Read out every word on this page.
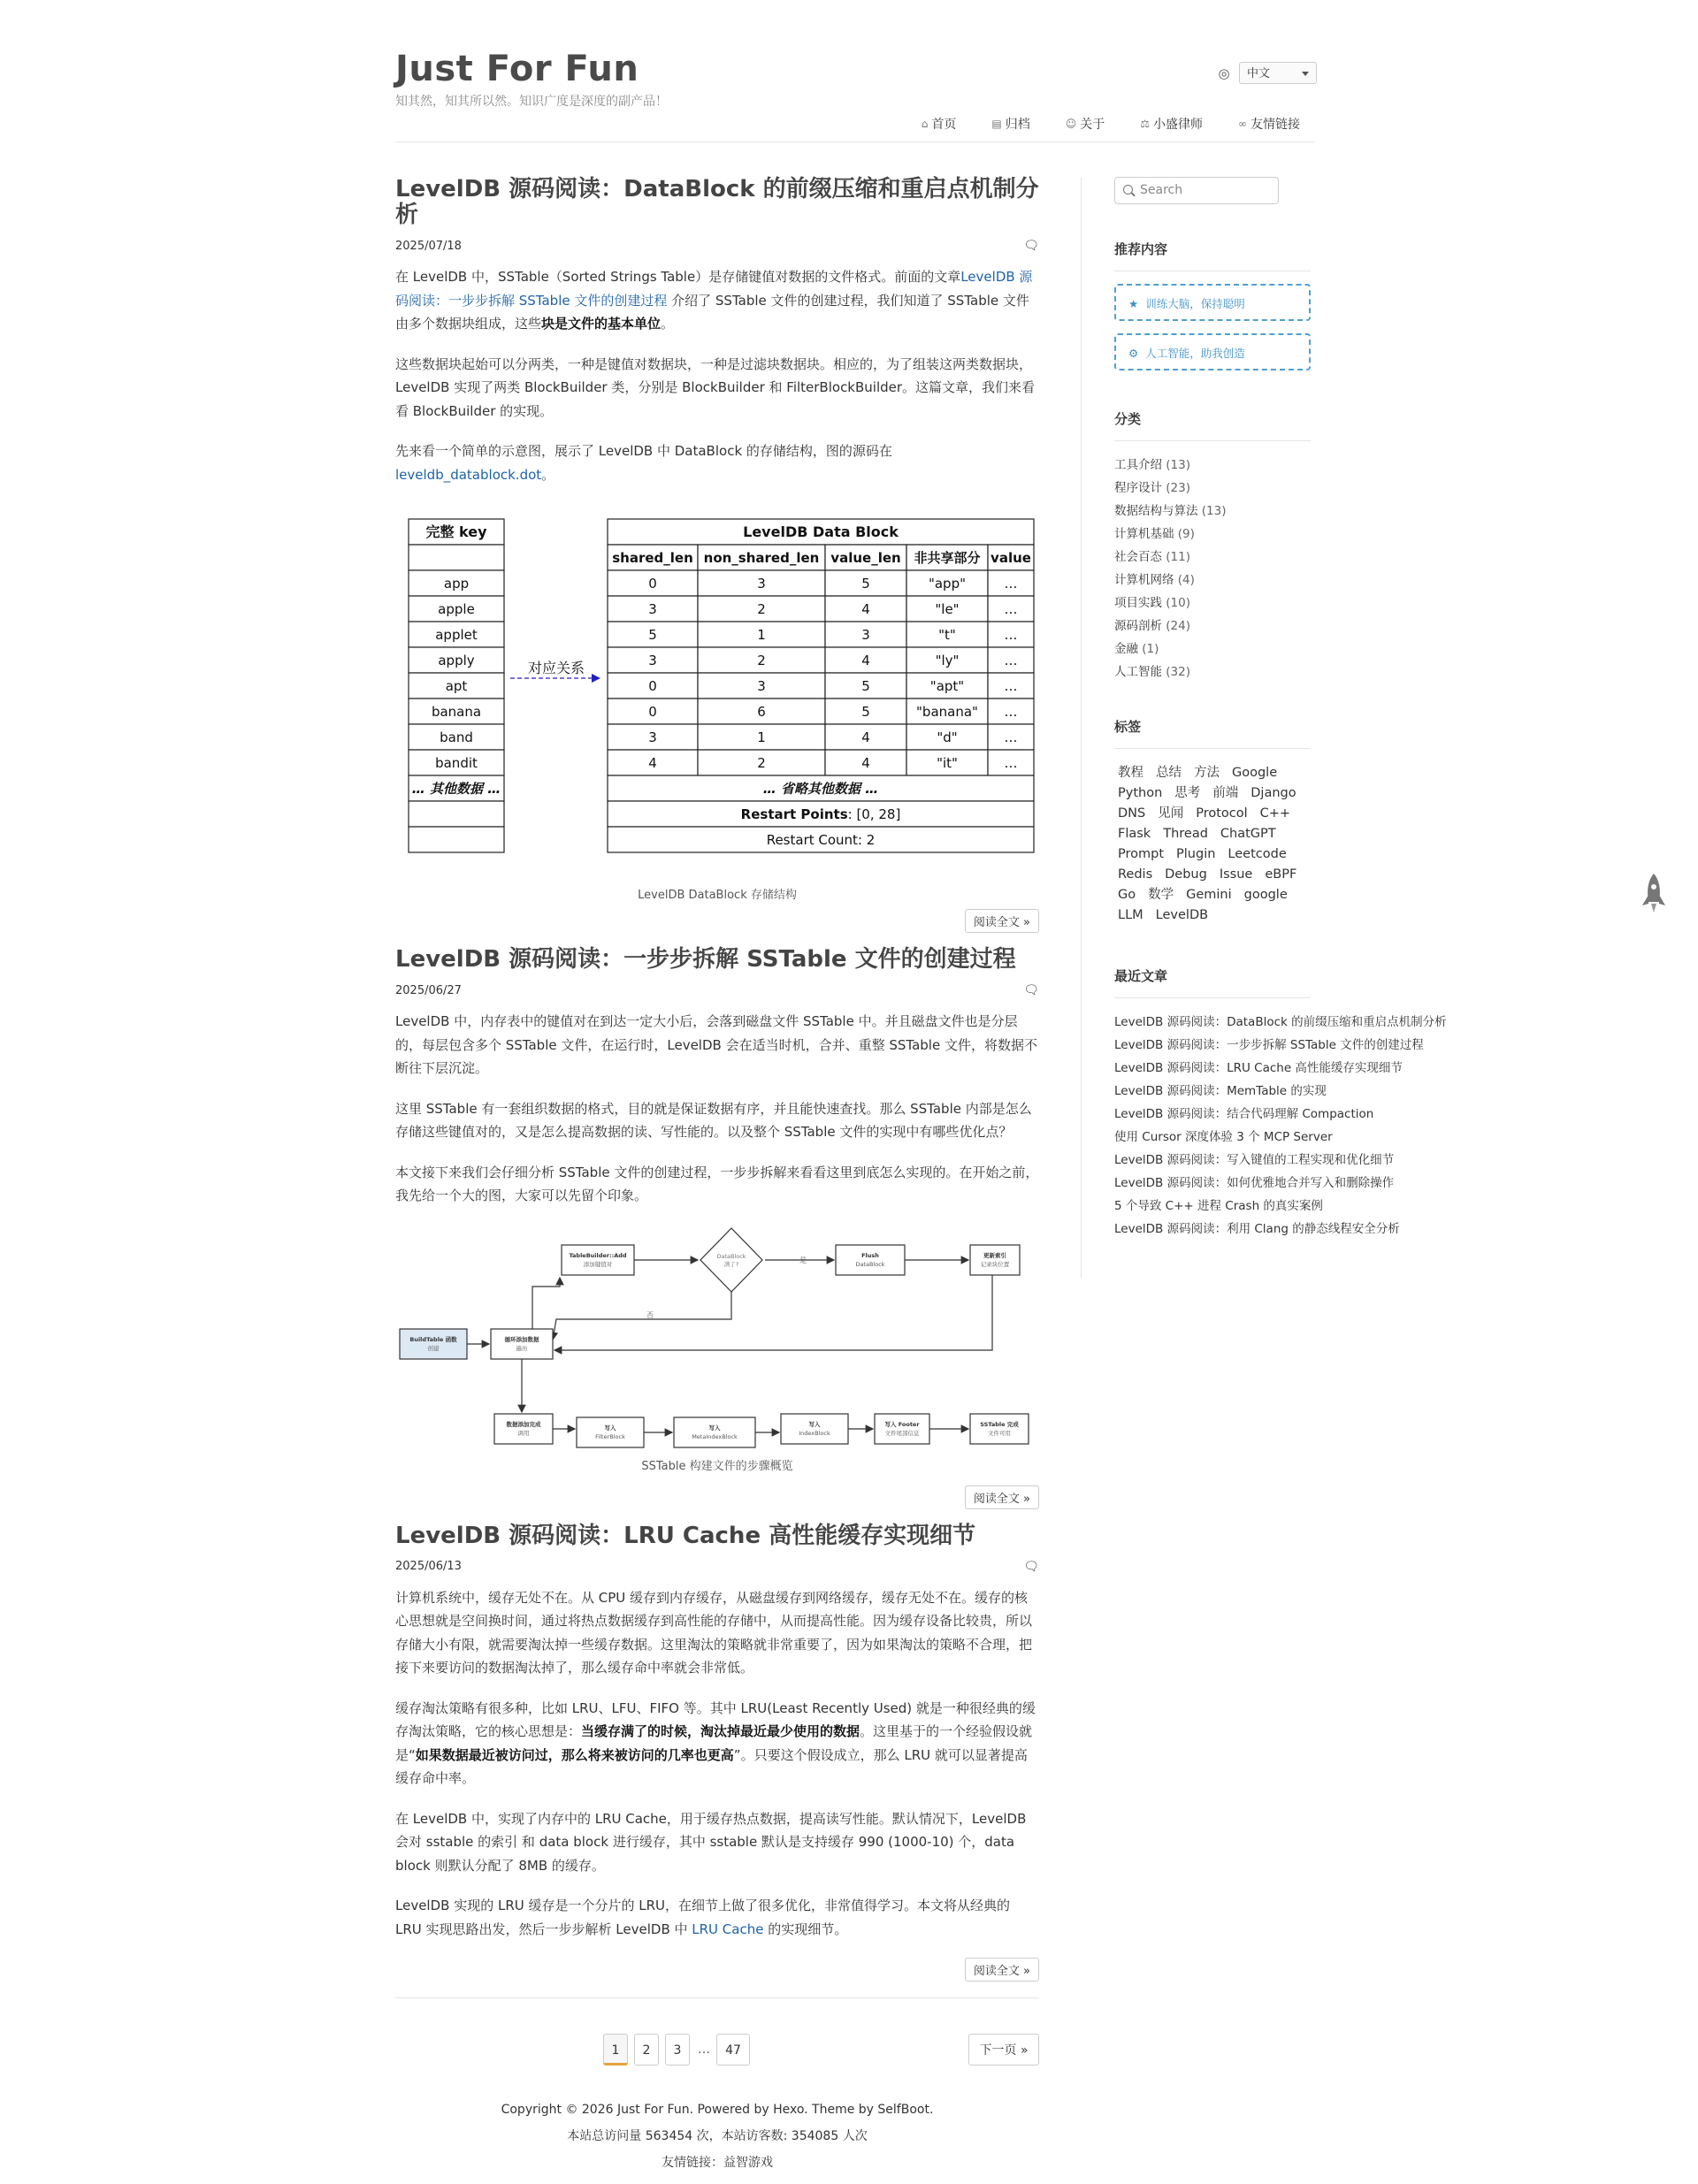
Just For Fun
知其然，知其所以然。知识广度是深度的副产品！
◎	中文
⌂ 首页	▤ 归档	☺ 关于	⚖ 小盛律师	∞ 友情链接
LevelDB 源码阅读：DataBlock 的前缀压缩和重启点机制分析
2025/07/18	🗨

在 LevelDB 中，SSTable（Sorted Strings Table）是存储键值对数据的文件格式。前面的文章LevelDB 源码阅读：一步步拆解 SSTable 文件的创建过程 介绍了 SSTable 文件的创建过程，我们知道了 SSTable 文件由多个数据块组成，这些块是文件的基本单位。

这些数据块起始可以分两类，一种是键值对数据块，一种是过滤块数据块。相应的，为了组装这两类数据块，LevelDB 实现了两类 BlockBuilder 类，分别是 BlockBuilder 和 FilterBlockBuilder。这篇文章，我们来看看 BlockBuilder 的实现。

先来看一个简单的示意图，展示了 LevelDB 中 DataBlock 的存储结构，图的源码在 leveldb_datablock.dot。

完整 key
app
apple
applet
apply
apt
banana
band
bandit
… 其他数据 …
对应关系
LevelDB Data Block
shared_len non_shared_len value_len 非共享部分 value
0	3	5	"app"	…
3	2	4	"le"	…
5	1	3	"t"	…
3	2	4	"ly"	…
0	3	5	"apt"	…
0	6	5	"banana" …
3	1	4	"d"	…
4	2	4	"it"	…
… 省略其他数据 …
Restart Points: [0, 28]
Restart Count: 2
LevelDB DataBlock 存储结构
阅读全文 »
LevelDB 源码阅读：一步步拆解 SSTable 文件的创建过程
2025/06/27	🗨

LevelDB 中，内存表中的键值对在到达一定大小后，会落到磁盘文件 SSTable 中。并且磁盘文件也是分层的，每层包含多个 SSTable 文件，在运行时，LevelDB 会在适当时机，合并、重整 SSTable 文件，将数据不断往下层沉淀。

这里 SSTable 有一套组织数据的格式，目的就是保证数据有序，并且能快速查找。那么 SSTable 内部是怎么存储这些键值对的，又是怎么提高数据的读、写性能的。以及整个 SSTable 文件的实现中有哪些优化点？

本文接下来我们会仔细分析 SSTable 文件的创建过程，一步步拆解来看看这里到底怎么实现的。在开始之前，我先给一个大的图，大家可以先留个印象。

是
否
DataBlock
满了?
BuildTable 函数
创建
循环添加数据
遍历
TableBuilder::Add
添加键值对
Flush
DataBlock
更新索引
记录块位置
数据添加完成
调用
写入
FilterBlock
写入
MetaIndexBlock
写入
IndexBlock
写入 Footer
文件尾部信息
SSTable 完成
文件可用
SSTable 构建文件的步骤概览
阅读全文 »
LevelDB 源码阅读：LRU Cache 高性能缓存实现细节
2025/06/13	🗨

计算机系统中，缓存无处不在。从 CPU 缓存到内存缓存，从磁盘缓存到网络缓存，缓存无处不在。缓存的核心思想就是空间换时间，通过将热点数据缓存到高性能的存储中，从而提高性能。因为缓存设备比较贵，所以存储大小有限，就需要淘汰掉一些缓存数据。这里淘汰的策略就非常重要了，因为如果淘汰的策略不合理，把接下来要访问的数据淘汰掉了，那么缓存命中率就会非常低。

缓存淘汰策略有很多种，比如 LRU、LFU、FIFO 等。其中 LRU(Least Recently Used) 就是一种很经典的缓存淘汰策略，它的核心思想是：当缓存满了的时候，淘汰掉最近最少使用的数据。这里基于的一个经验假设就是“如果数据最近被访问过，那么将来被访问的几率也更高”。只要这个假设成立，那么 LRU 就可以显著提高缓存命中率。

在 LevelDB 中，实现了内存中的 LRU Cache，用于缓存热点数据，提高读写性能。默认情况下，LevelDB 会对 sstable 的索引 和 data block 进行缓存，其中 sstable 默认是支持缓存 990 (1000-10) 个，data block 则默认分配了 8MB 的缓存。

LevelDB 实现的 LRU 缓存是一个分片的 LRU，在细节上做了很多优化，非常值得学习。本文将从经典的 LRU 实现思路出发，然后一步步解析 LevelDB 中 LRU Cache 的实现细节。

阅读全文 »
1	2	3	…	47	下一页 »
Copyright © 2026 Just For Fun. Powered by Hexo. Theme by SelfBoot.
本站总访问量 563454 次，本站访客数: 354085 人次
友情链接：益智游戏
Search
推荐内容
★ 训练大脑，保持聪明
⚙ 人工智能，助我创造
分类
工具介绍 (13)
程序设计 (23)
数据结构与算法 (13)
计算机基础 (9)
社会百态 (11)
计算机网络 (4)
项目实践 (10)
源码剖析 (24)
金融 (1)
人工智能 (32)
标签
教程 总结 方法 Google
Python 思考 前端 Django
DNS 见闻 Protocol C++
Flask Thread ChatGPT
Prompt Plugin Leetcode
Redis Debug Issue eBPF
Go 数学 Gemini google
LLM LevelDB
最近文章
LevelDB 源码阅读：DataBlock 的前缀压缩和重启点机制分析
LevelDB 源码阅读：一步步拆解 SSTable 文件的创建过程
LevelDB 源码阅读：LRU Cache 高性能缓存实现细节
LevelDB 源码阅读：MemTable 的实现
LevelDB 源码阅读：结合代码理解 Compaction
使用 Cursor 深度体验 3 个 MCP Server
LevelDB 源码阅读：写入键值的工程实现和优化细节
LevelDB 源码阅读：如何优雅地合并写入和删除操作
5 个导致 C++ 进程 Crash 的真实案例
LevelDB 源码阅读：利用 Clang 的静态线程安全分析
